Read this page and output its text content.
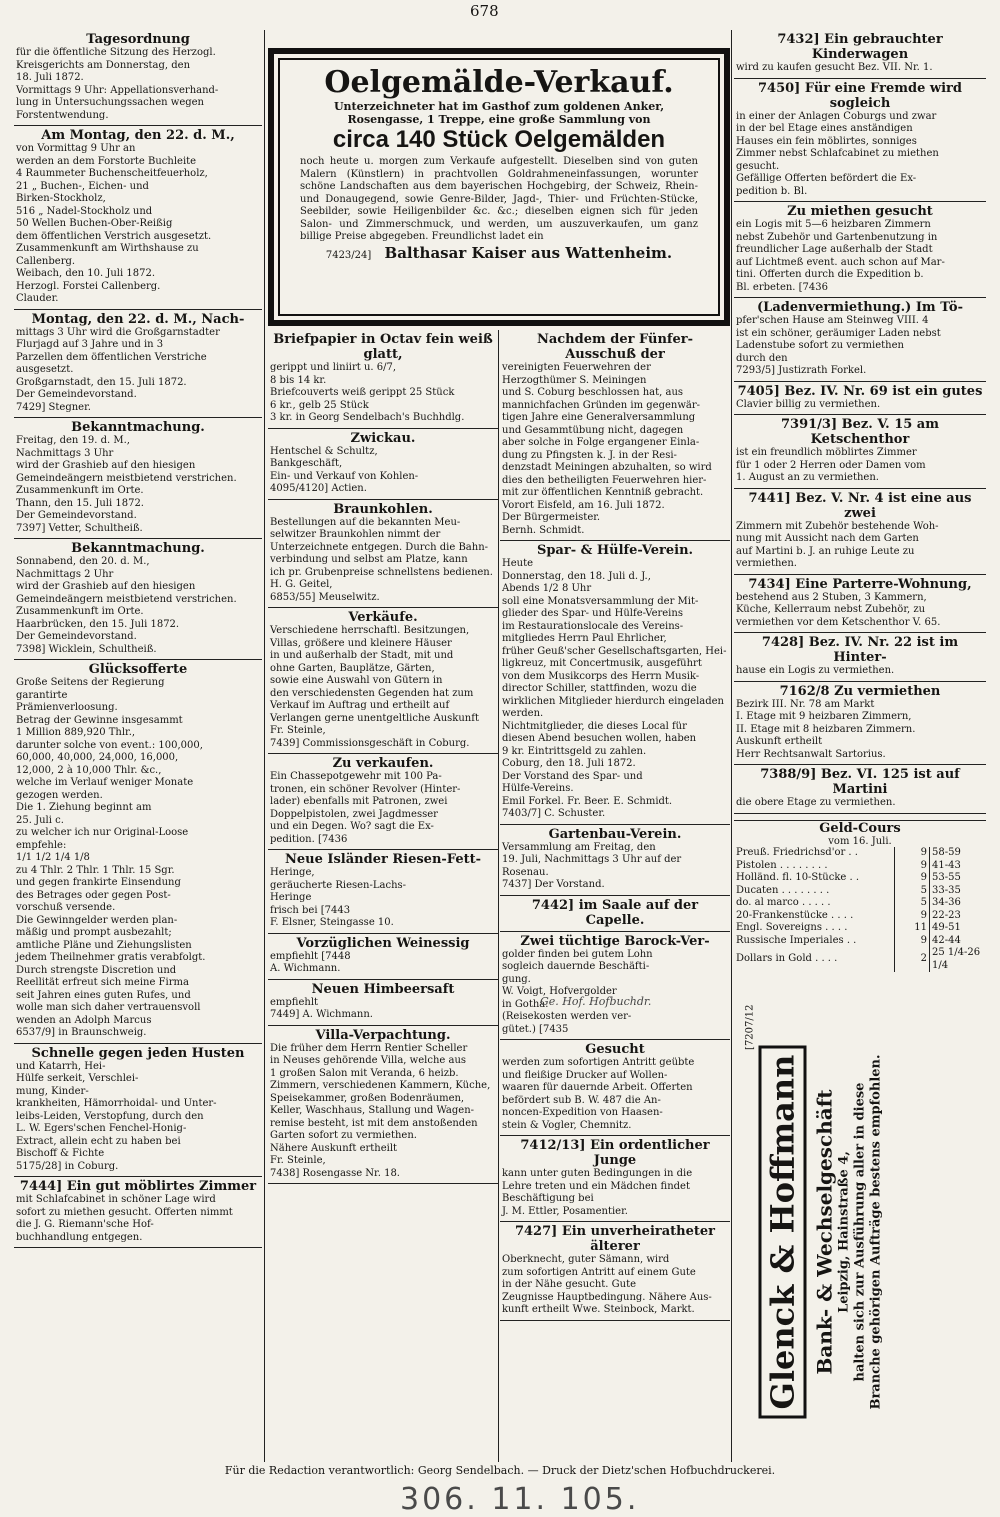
678

Tagesordnung

für die öffentliche Sitzung des Herzogl.

Kreisgerichts am Donnerstag, den

18. Juli 1872.

Vormittags 9 Uhr: Appellationsverhand-

lung in Untersuchungssachen wegen

Forstentwendung.

Am Montag, den 22. d. M.,

von Vormittag 9 Uhr an

werden an dem Forstorte Buchleite

4 Raummeter Buchenscheitfeuerholz,

21 „ Buchen-, Eichen- und

Birken-Stockholz,

516 „ Nadel-Stockholz und

50 Wellen Buchen-Ober-Reißig

dem öffentlichen Verstrich ausgesetzt.

Zusammenkunft am Wirthshause zu

Callenberg.

Weibach, den 10. Juli 1872.

Herzogl. Forstei Callenberg.

Clauder.

Montag, den 22. d. M., Nach-

mittags 3 Uhr wird die Großgarnstadter

Flurjagd auf 3 Jahre und in 3

Parzellen dem öffentlichen Verstriche

ausgesetzt.

Großgarnstadt, den 15. Juli 1872.

Der Gemeindevorstand.

7429] Stegner.

Bekanntmachung.

Freitag, den 19. d. M.,

Nachmittags 3 Uhr

wird der Grashieb auf den hiesigen

Gemeindeängern meistbietend verstrichen.

Zusammenkunft im Orte.

Thann, den 15. Juli 1872.

Der Gemeindevorstand.

7397] Vetter, Schultheiß.

Bekanntmachung.

Sonnabend, den 20. d. M.,

Nachmittags 2 Uhr

wird der Grashieb auf den hiesigen

Gemeindeängern meistbietend verstrichen.

Zusammenkunft im Orte.

Haarbrücken, den 15. Juli 1872.

Der Gemeindevorstand.

7398] Wicklein, Schultheiß.

Glücksofferte

Große Seitens der Regierung

garantirte

Prämienverloosung.

Betrag der Gewinne insgesammt

1 Million 889,920 Thlr.,

darunter solche von event.: 100,000,

60,000, 40,000, 24,000, 16,000,

12,000, 2 à 10,000 Thlr. &c.,

welche im Verlauf weniger Monate

gezogen werden.

Die 1. Ziehung beginnt am

25. Juli c.

zu welcher ich nur Original-Loose

empfehle:

1/1 1/2 1/4 1/8

zu 4 Thlr. 2 Thlr. 1 Thlr. 15 Sgr.

und gegen frankirte Einsendung

des Betrages oder gegen Post-

vorschuß versende.

Die Gewinngelder werden plan-

mäßig und prompt ausbezahlt;

amtliche Pläne und Ziehungslisten

jedem Theilnehmer gratis verabfolgt.

Durch strengste Discretion und

Reellität erfreut sich meine Firma

seit Jahren eines guten Rufes, und

wolle man sich daher vertrauensvoll

wenden an Adolph Marcus

6537/9] in Braunschweig.

Schnelle gegen jeden Husten

und Katarrh, Hei-

Hülfe serkeit, Verschlei-

mung, Kinder-

krankheiten, Hämorrhoidal- und Unter-

leibs-Leiden, Verstopfung, durch den

L. W. Egers'schen Fenchel-Honig-

Extract, allein echt zu haben bei

Bischoff & Fichte

5175/28] in Coburg.

7444] Ein gut möblirtes Zimmer

mit Schlafcabinet in schöner Lage wird

sofort zu miethen gesucht. Offerten nimmt

die J. G. Riemann'sche Hof-

buchhandlung entgegen.

Oelgemälde-Verkauf.
Unterzeichneter hat im Gasthof zum goldenen Anker, Rosengasse, 1 Treppe, eine große Sammlung von
circa 140 Stück Oelgemälden

noch heute u. morgen zum Verkaufe aufgestellt. Dieselben sind von guten Malern (Künstlern) in prachtvollen Goldrahmeneinfassungen, worunter schöne Landschaften aus dem bayerischen Hochgebirg, der Schweiz, Rhein- und Donaugegend, sowie Genre-Bilder, Jagd-, Thier- und Früchten-Stücke, Seebilder, sowie Heiligenbilder &c. &c.; dieselben eignen sich für jeden Salon- und Zimmerschmuck, und werden, um auszuverkaufen, um ganz billige Preise abgegeben. Freundlichst ladet ein

7423/24] Balthasar Kaiser aus Wattenheim.

Briefpapier in Octav fein weiß glatt,

gerippt und liniirt u. 6/7,

8 bis 14 kr.

Briefcouverts weiß gerippt 25 Stück

6 kr., gelb 25 Stück

3 kr. in Georg Sendelbach's Buchhdlg.

Zwickau.

Hentschel & Schultz,

Bankgeschäft,

Ein- und Verkauf von Kohlen-

4095/4120] Actien.

Braunkohlen.

Bestellungen auf die bekannten Meu-

selwitzer Braunkohlen nimmt der

Unterzeichnete entgegen. Durch die Bahn-

verbindung und selbst am Platze, kann

ich pr. Grubenpreise schnellstens bedienen.

H. G. Geitel,

6853/55] Meuselwitz.

Verkäufe.

Verschiedene herrschaftl. Besitzungen,

Villas, größere und kleinere Häuser

in und außerhalb der Stadt, mit und

ohne Garten, Bauplätze, Gärten,

sowie eine Auswahl von Gütern in

den verschiedensten Gegenden hat zum

Verkauf im Auftrag und ertheilt auf

Verlangen gerne unentgeltliche Auskunft

Fr. Steinle,

7439] Commissionsgeschäft in Coburg.

Zu verkaufen.

Ein Chassepotgewehr mit 100 Pa-

tronen, ein schöner Revolver (Hinter-

lader) ebenfalls mit Patronen, zwei

Doppelpistolen, zwei Jagdmesser

und ein Degen. Wo? sagt die Ex-

pedition. [7436

Neue Isländer Riesen-Fett-

Heringe,

geräucherte Riesen-Lachs-

Heringe

frisch bei [7443

F. Elsner, Steingasse 10.

Vorzüglichen Weinessig

empfiehlt [7448

A. Wichmann.

Neuen Himbeersaft

empfiehlt

7449] A. Wichmann.

Villa-Verpachtung.

Die früher dem Herrn Rentier Scheller

in Neuses gehörende Villa, welche aus

1 großen Salon mit Veranda, 6 heizb.

Zimmern, verschiedenen Kammern, Küche,

Speisekammer, großen Bodenräumen,

Keller, Waschhaus, Stallung und Wagen-

remise besteht, ist mit dem anstoßenden

Garten sofort zu vermiethen.

Nähere Auskunft ertheilt

Fr. Steinle,

7438] Rosengasse Nr. 18.

Nachdem der Fünfer-Ausschuß der

vereinigten Feuerwehren der

Herzogthümer S. Meiningen

und S. Coburg beschlossen hat, aus

mannichfachen Gründen im gegenwär-

tigen Jahre eine Generalversammlung

und Gesammtübung nicht, dagegen

aber solche in Folge ergangener Einla-

dung zu Pfingsten k. J. in der Resi-

denzstadt Meiningen abzuhalten, so wird

dies den betheiligten Feuerwehren hier-

mit zur öffentlichen Kenntniß gebracht.

Vorort Eisfeld, am 16. Juli 1872.

Der Bürgermeister.

Bernh. Schmidt.

Spar- & Hülfe-Verein.

Heute

Donnerstag, den 18. Juli d. J.,

Abends 1/2 8 Uhr

soll eine Monatsversammlung der Mit-

glieder des Spar- und Hülfe-Vereins

im Restaurationslocale des Vereins-

mitgliedes Herrn Paul Ehrlicher,

früher Geuß'scher Gesellschaftsgarten, Hei-

ligkreuz, mit Concertmusik, ausgeführt

von dem Musikcorps des Herrn Musik-

director Schiller, stattfinden, wozu die

wirklichen Mitglieder hierdurch eingeladen

werden.

Nichtmitglieder, die dieses Local für

diesen Abend besuchen wollen, haben

9 kr. Eintrittsgeld zu zahlen.

Coburg, den 18. Juli 1872.

Der Vorstand des Spar- und

Hülfe-Vereins.

Emil Forkel. Fr. Beer. E. Schmidt.

7403/7] C. Schuster.

Gartenbau-Verein.

Versammlung am Freitag, den

19. Juli, Nachmittags 3 Uhr auf der

Rosenau.

7437] Der Vorstand.

7442] im Saale auf der Capelle.

Zwei tüchtige Barock-Ver-

golder finden bei gutem Lohn

sogleich dauernde Beschäfti-

gung.

W. Voigt, Hofvergolder

in Gotha.

(Reisekosten werden ver-

gütet.) [7435

Gesucht

werden zum sofortigen Antritt geübte

und fleißige Drucker auf Wollen-

waaren für dauernde Arbeit. Offerten

befördert sub B. W. 487 die An-

noncen-Expedition von Haasen-

stein & Vogler, Chemnitz.

7412/13] Ein ordentlicher Junge

kann unter guten Bedingungen in die

Lehre treten und ein Mädchen findet

Beschäftigung bei

J. M. Ettler, Posamentier.

7427] Ein unverheiratheter älterer

Oberknecht, guter Sämann, wird

zum sofortigen Antritt auf einem Gute

in der Nähe gesucht. Gute

Zeugnisse Hauptbedingung. Nähere Aus-

kunft ertheilt Wwe. Steinbock, Markt.

7432] Ein gebrauchter Kinderwagen

wird zu kaufen gesucht Bez. VII. Nr. 1.

7450] Für eine Fremde wird sogleich

in einer der Anlagen Coburgs und zwar

in der bel Etage eines anständigen

Hauses ein fein möblirtes, sonniges

Zimmer nebst Schlafcabinet zu miethen

gesucht.

Gefällige Offerten befördert die Ex-

pedition b. Bl.

Zu miethen gesucht

ein Logis mit 5—6 heizbaren Zimmern

nebst Zubehör und Gartenbenutzung in

freundlicher Lage außerhalb der Stadt

auf Lichtmeß event. auch schon auf Mar-

tini. Offerten durch die Expedition b.

Bl. erbeten. [7436

(Ladenvermiethung.) Im Tö-

pfer'schen Hause am Steinweg VIII. 4

ist ein schöner, geräumiger Laden nebst

Ladenstube sofort zu vermiethen

durch den

7293/5] Justizrath Forkel.

7405] Bez. IV. Nr. 69 ist ein gutes

Clavier billig zu vermiethen.

7391/3] Bez. V. 15 am Ketschenthor

ist ein freundlich möblirtes Zimmer

für 1 oder 2 Herren oder Damen vom

1. August an zu vermiethen.

7441] Bez. V. Nr. 4 ist eine aus zwei

Zimmern mit Zubehör bestehende Woh-

nung mit Aussicht nach dem Garten

auf Martini b. J. an ruhige Leute zu

vermiethen.

7434] Eine Parterre-Wohnung,

bestehend aus 2 Stuben, 3 Kammern,

Küche, Kellerraum nebst Zubehör, zu

vermiethen vor dem Ketschenthor V. 65.

7428] Bez. IV. Nr. 22 ist im Hinter-

hause ein Logis zu vermiethen.

7162/8 Zu vermiethen

Bezirk III. Nr. 78 am Markt

I. Etage mit 9 heizbaren Zimmern,

II. Etage mit 8 heizbaren Zimmern.

Auskunft ertheilt

Herr Rechtsanwalt Sartorius.

7388/9] Bez. VI. 125 ist auf Martini

die obere Etage zu vermiethen.

Geld-Cours
vom 16. Juli.
Preuß. Friedrichsd'or . .	9	58-59
Pistolen . . . . . . . .	9	41-43
Holländ. fl. 10-Stücke . .	9	53-55
Ducaten . . . . . . . .	5	33-35
do. al marco . . . . .	5	34-36
20-Frankenstücke . . . .	9	22-23
Engl. Sovereigns . . . .	11	49-51
Russische Imperiales . .	9	42-44
Dollars in Gold . . . .	2	25 1/4-26 1/4
[7207/12
Glenck & Hoffmann Bank- & Wechselgeschäft Leipzig, Hainstraße 4, halten sich zur Ausführung aller in diese Branche gehörigen Aufträge bestens empfohlen.
Ge. Hof. Hofbuchdr.
Für die Redaction verantwortlich: Georg Sendelbach. — Druck der Dietz'schen Hofbuchdruckerei.
306. 11. 105.
